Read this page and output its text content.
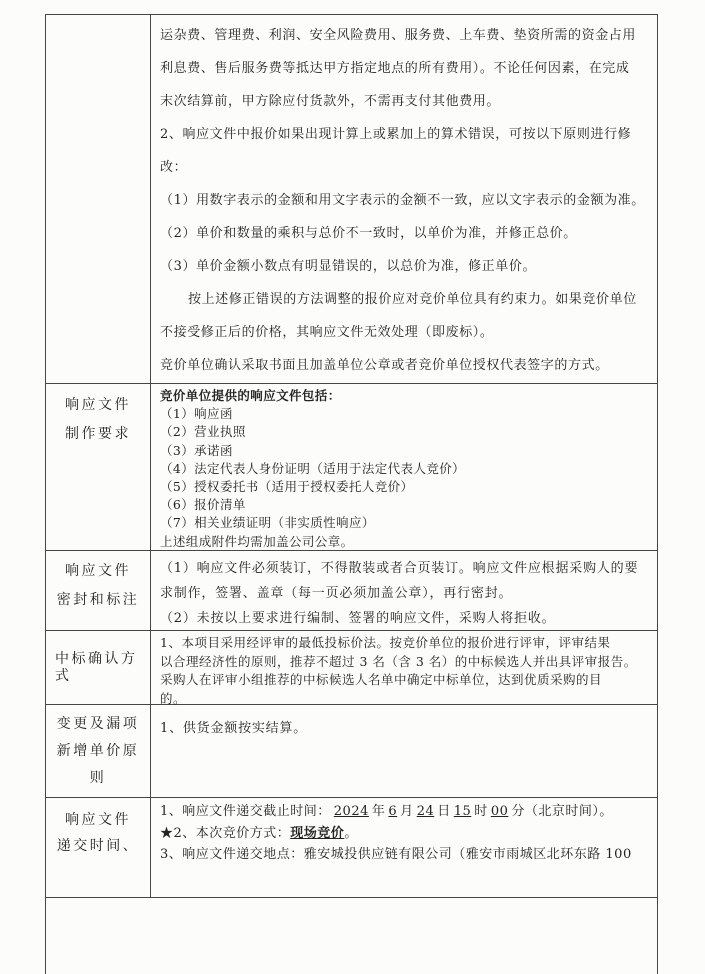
运杂费、管理费、利润、安全风险费用、服务费、上车费、垫资所需的资金占用
利息费、售后服务费等抵达甲方指定地点的所有费用）。不论任何因素，在完成
末次结算前，甲方除应付货款外，不需再支付其他费用。
2、响应文件中报价如果出现计算上或累加上的算术错误，可按以下原则进行修
改：
（1）用数字表示的金额和用文字表示的金额不一致，应以文字表示的金额为准。
（2）单价和数量的乘积与总价不一致时，以单价为准，并修正总价。
（3）单价金额小数点有明显错误的，以总价为准，修正单价。
按上述修正错误的方法调整的报价应对竞价单位具有约束力。如果竞价单位
不接受修正后的价格，其响应文件无效处理（即废标）。
竞价单位确认采取书面且加盖单位公章或者竞价单位授权代表签字的方式。
响应文件
制作要求
竞价单位提供的响应文件包括：
（1）响应函
（2）营业执照
（3）承诺函
（4）法定代表人身份证明（适用于法定代表人竞价）
（5）授权委托书（适用于授权委托人竞价）
（6）报价清单
（7）相关业绩证明（非实质性响应）
上述组成附件均需加盖公司公章。
响应文件
密封和标注
（1）响应文件必须装订，不得散装或者合页装订。响应文件应根据采购人的要
求制作，签署、盖章（每一页必须加盖公章），再行密封。
（2）未按以上要求进行编制、签署的响应文件，采购人将拒收。
中标确认方
式
1、本项目采用经评审的最低投标价法。按竞价单位的报价进行评审，评审结果
以合理经济性的原则，推荐不超过 3 名（含 3 名）的中标候选人并出具评审报告。
采购人在评审小组推荐的中标候选人名单中确定中标单位，达到优质采购的目
的。
变更及漏项
新增单价原
则
1、供货金额按实结算。
响应文件
递交时间、
1、响应文件递交截止时间： 2024 年 6 月 24 日 15 时 00 分（北京时间）。
★2、本次竞价方式：现场竞价。
3、响应文件递交地点：雅安城投供应链有限公司（雅安市雨城区北环东路 100
